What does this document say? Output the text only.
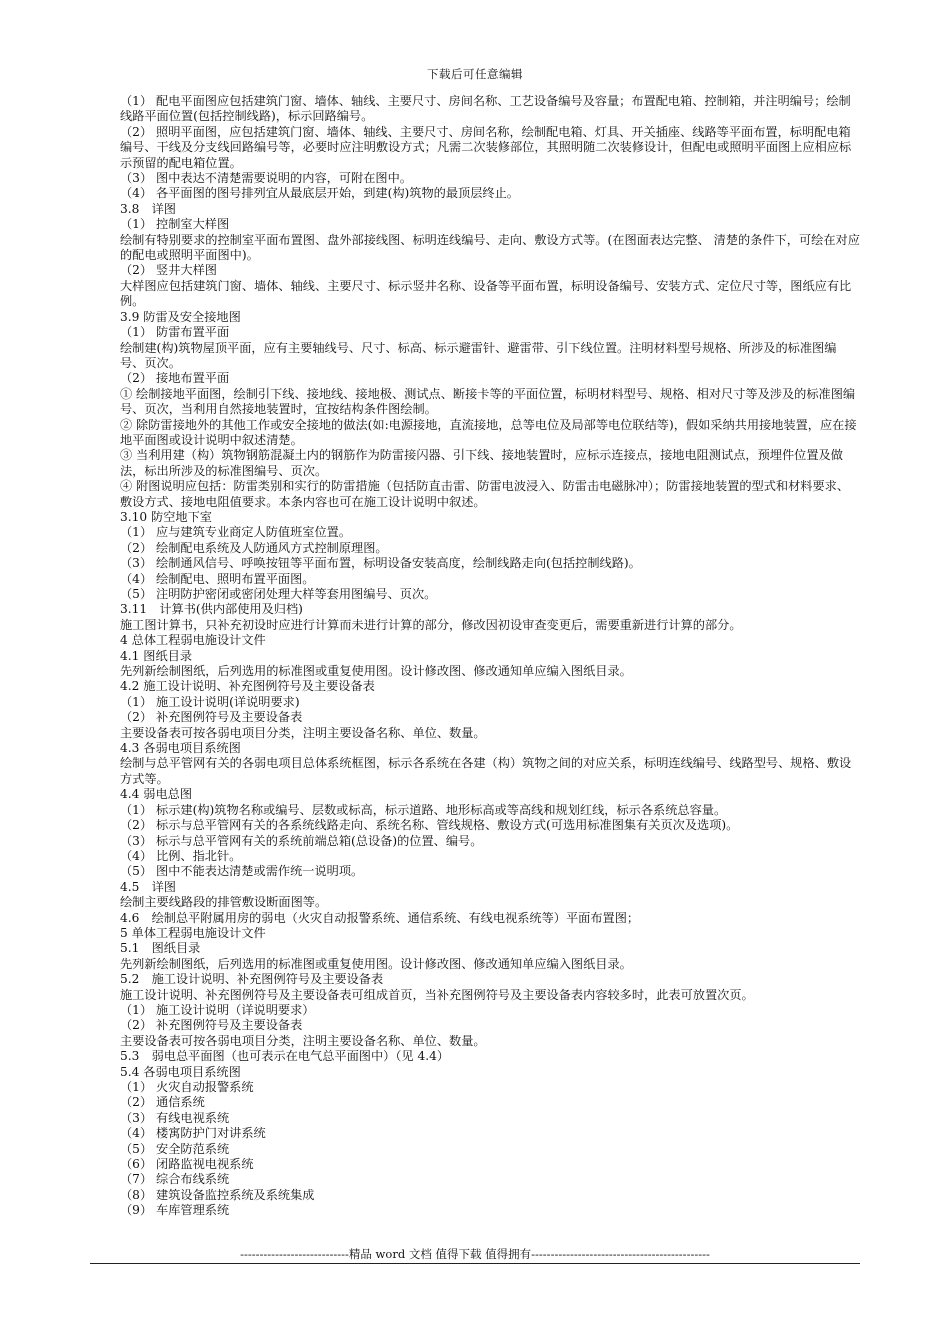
下载后可任意编辑
（1） 配电平面图应包括建筑门窗、墙体、轴线、主要尺寸、房间名称、工艺设备编号及容量；布置配电箱、控制箱，并注明编号；绘制线路平面位置(包括控制线路)，标示回路编号。
（2） 照明平面图，应包括建筑门窗、墙体、轴线、主要尺寸、房间名称，绘制配电箱、灯具、开关插座、线路等平面布置，标明配电箱编号、干线及分支线回路编号等，必要时应注明敷设方式；凡需二次装修部位，其照明随二次装修设计，但配电或照明平面图上应相应标示预留的配电箱位置。
（3） 图中表达不清楚需要说明的内容，可附在图中。
（4） 各平面图的图号排列宜从最底层开始，到建(构)筑物的最顶层终止。
3.8　详图
（1） 控制室大样图
绘制有特别要求的控制室平面布置图、盘外部接线图、标明连线编号、走向、敷设方式等。(在图面表达完整、 清楚的条件下，可绘在对应的配电或照明平面图中)。
（2） 竖井大样图
大样图应包括建筑门窗、墙体、轴线、主要尺寸、标示竖井名称、设备等平面布置，标明设备编号、安装方式、定位尺寸等，图纸应有比例。
3.9 防雷及安全接地图
（1） 防雷布置平面
绘制建(构)筑物屋顶平面，应有主要轴线号、尺寸、标高、标示避雷针、避雷带、引下线位置。注明材料型号规格、所涉及的标准图编号、页次。
（2） 接地布置平面
① 绘制接地平面图，绘制引下线、接地线、接地极、测试点、断接卡等的平面位置，标明材料型号、规格、相对尺寸等及涉及的标准图编号、页次，当利用自然接地装置时，宜按结构条件图绘制。
② 除防雷接地外的其他工作或安全接地的做法(如:电源接地，直流接地，总等电位及局部等电位联结等)，假如采纳共用接地装置，应在接地平面图或设计说明中叙述清楚。
③ 当利用建（构）筑物钢筋混凝土内的钢筋作为防雷接闪器、引下线、接地装置时，应标示连接点，接地电阻测试点，预埋件位置及做法，标出所涉及的标准图编号、页次。
④ 附图说明应包括：防雷类别和实行的防雷措施（包括防直击雷、防雷电波浸入、防雷击电磁脉冲）；防雷接地装置的型式和材料要求、敷设方式、接地电阻值要求。本条内容也可在施工设计说明中叙述。
3.10 防空地下室
（1） 应与建筑专业商定人防值班室位置。
（2） 绘制配电系统及人防通风方式控制原理图。
（3） 绘制通风信号、呼唤按钮等平面布置，标明设备安装高度，绘制线路走向(包括控制线路)。
（4） 绘制配电、照明布置平面图。
（5） 注明防护密闭或密闭处理大样等套用图编号、页次。
3.11　计算书(供内部使用及归档)
施工图计算书，只补充初设时应进行计算而未进行计算的部分，修改因初设审查变更后，需要重新进行计算的部分。
4 总体工程弱电施设计文件
4.1 图纸目录
先列新绘制图纸，后列选用的标准图或重复使用图。设计修改图、修改通知单应编入图纸目录。
4.2 施工设计说明、补充图例符号及主要设备表
（1） 施工设计说明(详说明要求)
（2） 补充图例符号及主要设备表
主要设备表可按各弱电项目分类，注明主要设备名称、单位、数量。
4.3 各弱电项目系统图
绘制与总平管网有关的各弱电项目总体系统框图，标示各系统在各建（构）筑物之间的对应关系，标明连线编号、线路型号、规格、敷设方式等。
4.4 弱电总图
（1） 标示建(构)筑物名称或编号、层数或标高，标示道路、地形标高或等高线和规划红线，标示各系统总容量。
（2） 标示与总平管网有关的各系统线路走向、系统名称、管线规格、敷设方式(可选用标准图集有关页次及选项)。
（3） 标示与总平管网有关的系统前端总箱(总设备)的位置、编号。
（4） 比例、指北针。
（5） 图中不能表达清楚或需作统一说明项。
4.5　详图
绘制主要线路段的排管敷设断面图等。
4.6　绘制总平附属用房的弱电（火灾自动报警系统、通信系统、有线电视系统等）平面布置图；
5 单体工程弱电施设计文件
5.1　图纸目录
先列新绘制图纸，后列选用的标准图或重复使用图。设计修改图、修改通知单应编入图纸目录。
5.2　施工设计说明、补充图例符号及主要设备表
施工设计说明、补充图例符号及主要设备表可组成首页，当补充图例符号及主要设备表内容较多时，此表可放置次页。
（1） 施工设计说明（详说明要求）
（2） 补充图例符号及主要设备表
主要设备表可按各弱电项目分类，注明主要设备名称、单位、数量。
5.3　弱电总平面图（也可表示在电气总平面图中）（见 4.4）
5.4 各弱电项目系统图
（1） 火灾自动报警系统
（2） 通信系统
（3） 有线电视系统
（4） 楼寓防护门对讲系统
（5） 安全防范系统
（6） 闭路监视电视系统
（7） 综合布线系统
（8） 建筑设备监控系统及系统集成
（9） 车库管理系统
----------------------------精品 word 文档 值得下载 值得拥有----------------------------------------------
